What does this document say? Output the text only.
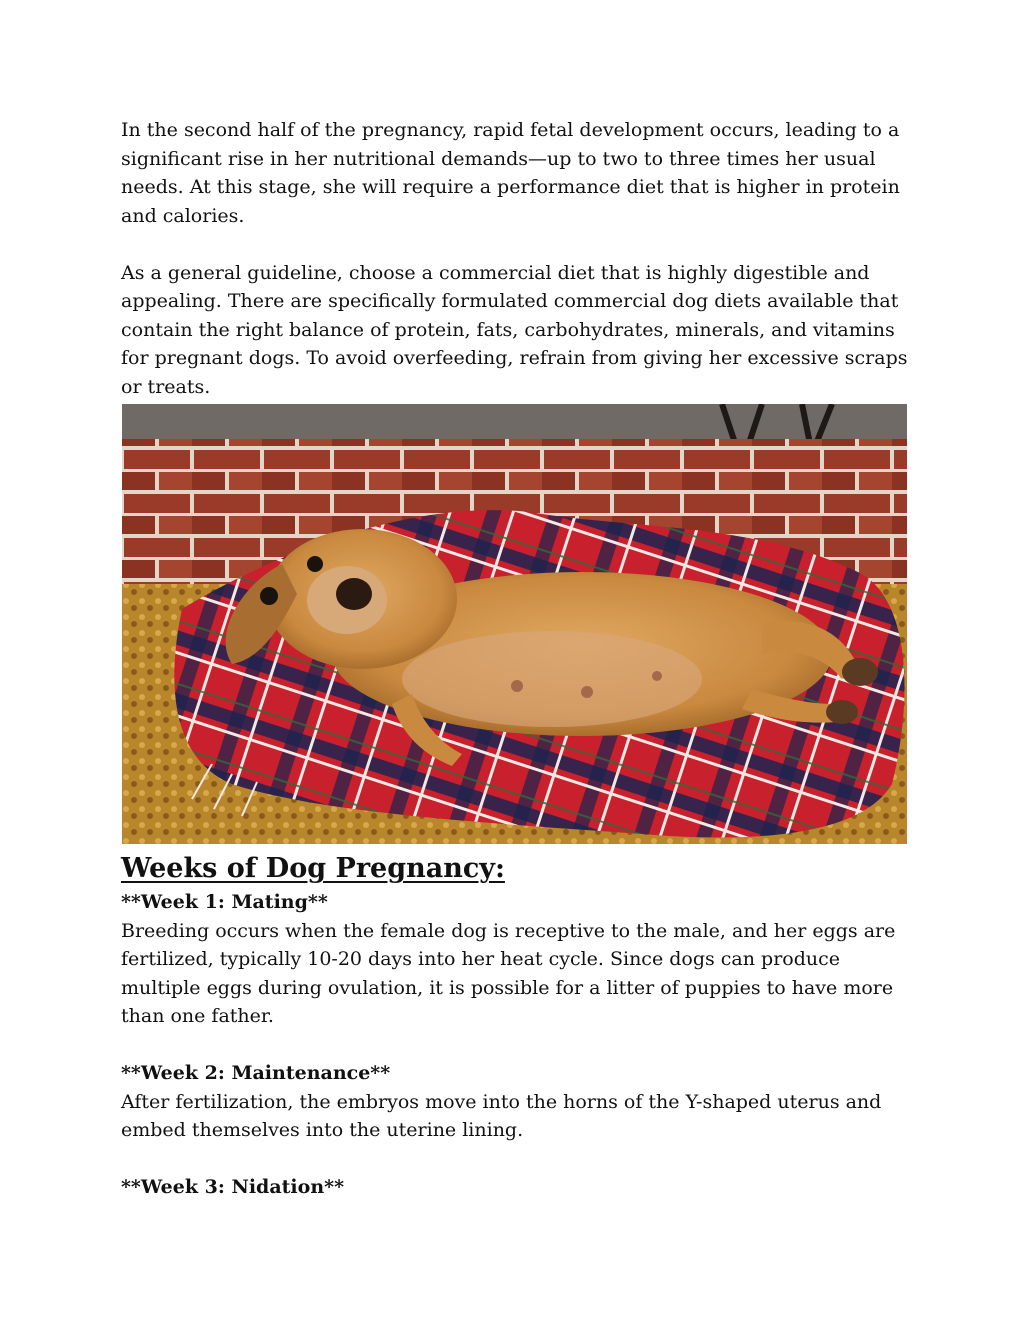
In the second half of the pregnancy, rapid fetal development occurs, leading to a significant rise in her nutritional demands—up to two to three times her usual needs. At this stage, she will require a performance diet that is higher in protein and calories.

As a general guideline, choose a commercial diet that is highly digestible and appealing. There are specifically formulated commercial dog diets available that contain the right balance of protein, fats, carbohydrates, minerals, and vitamins for pregnant dogs. To avoid overfeeding, refrain from giving her excessive scraps or treats.

Weeks of Dog Pregnancy:

**Week 1: Mating**

Breeding occurs when the female dog is receptive to the male, and her eggs are fertilized, typically 10-20 days into her heat cycle. Since dogs can produce multiple eggs during ovulation, it is possible for a litter of puppies to have more than one father.

**Week 2: Maintenance**

After fertilization, the embryos move into the horns of the Y-shaped uterus and embed themselves into the uterine lining.

**Week 3: Nidation**
